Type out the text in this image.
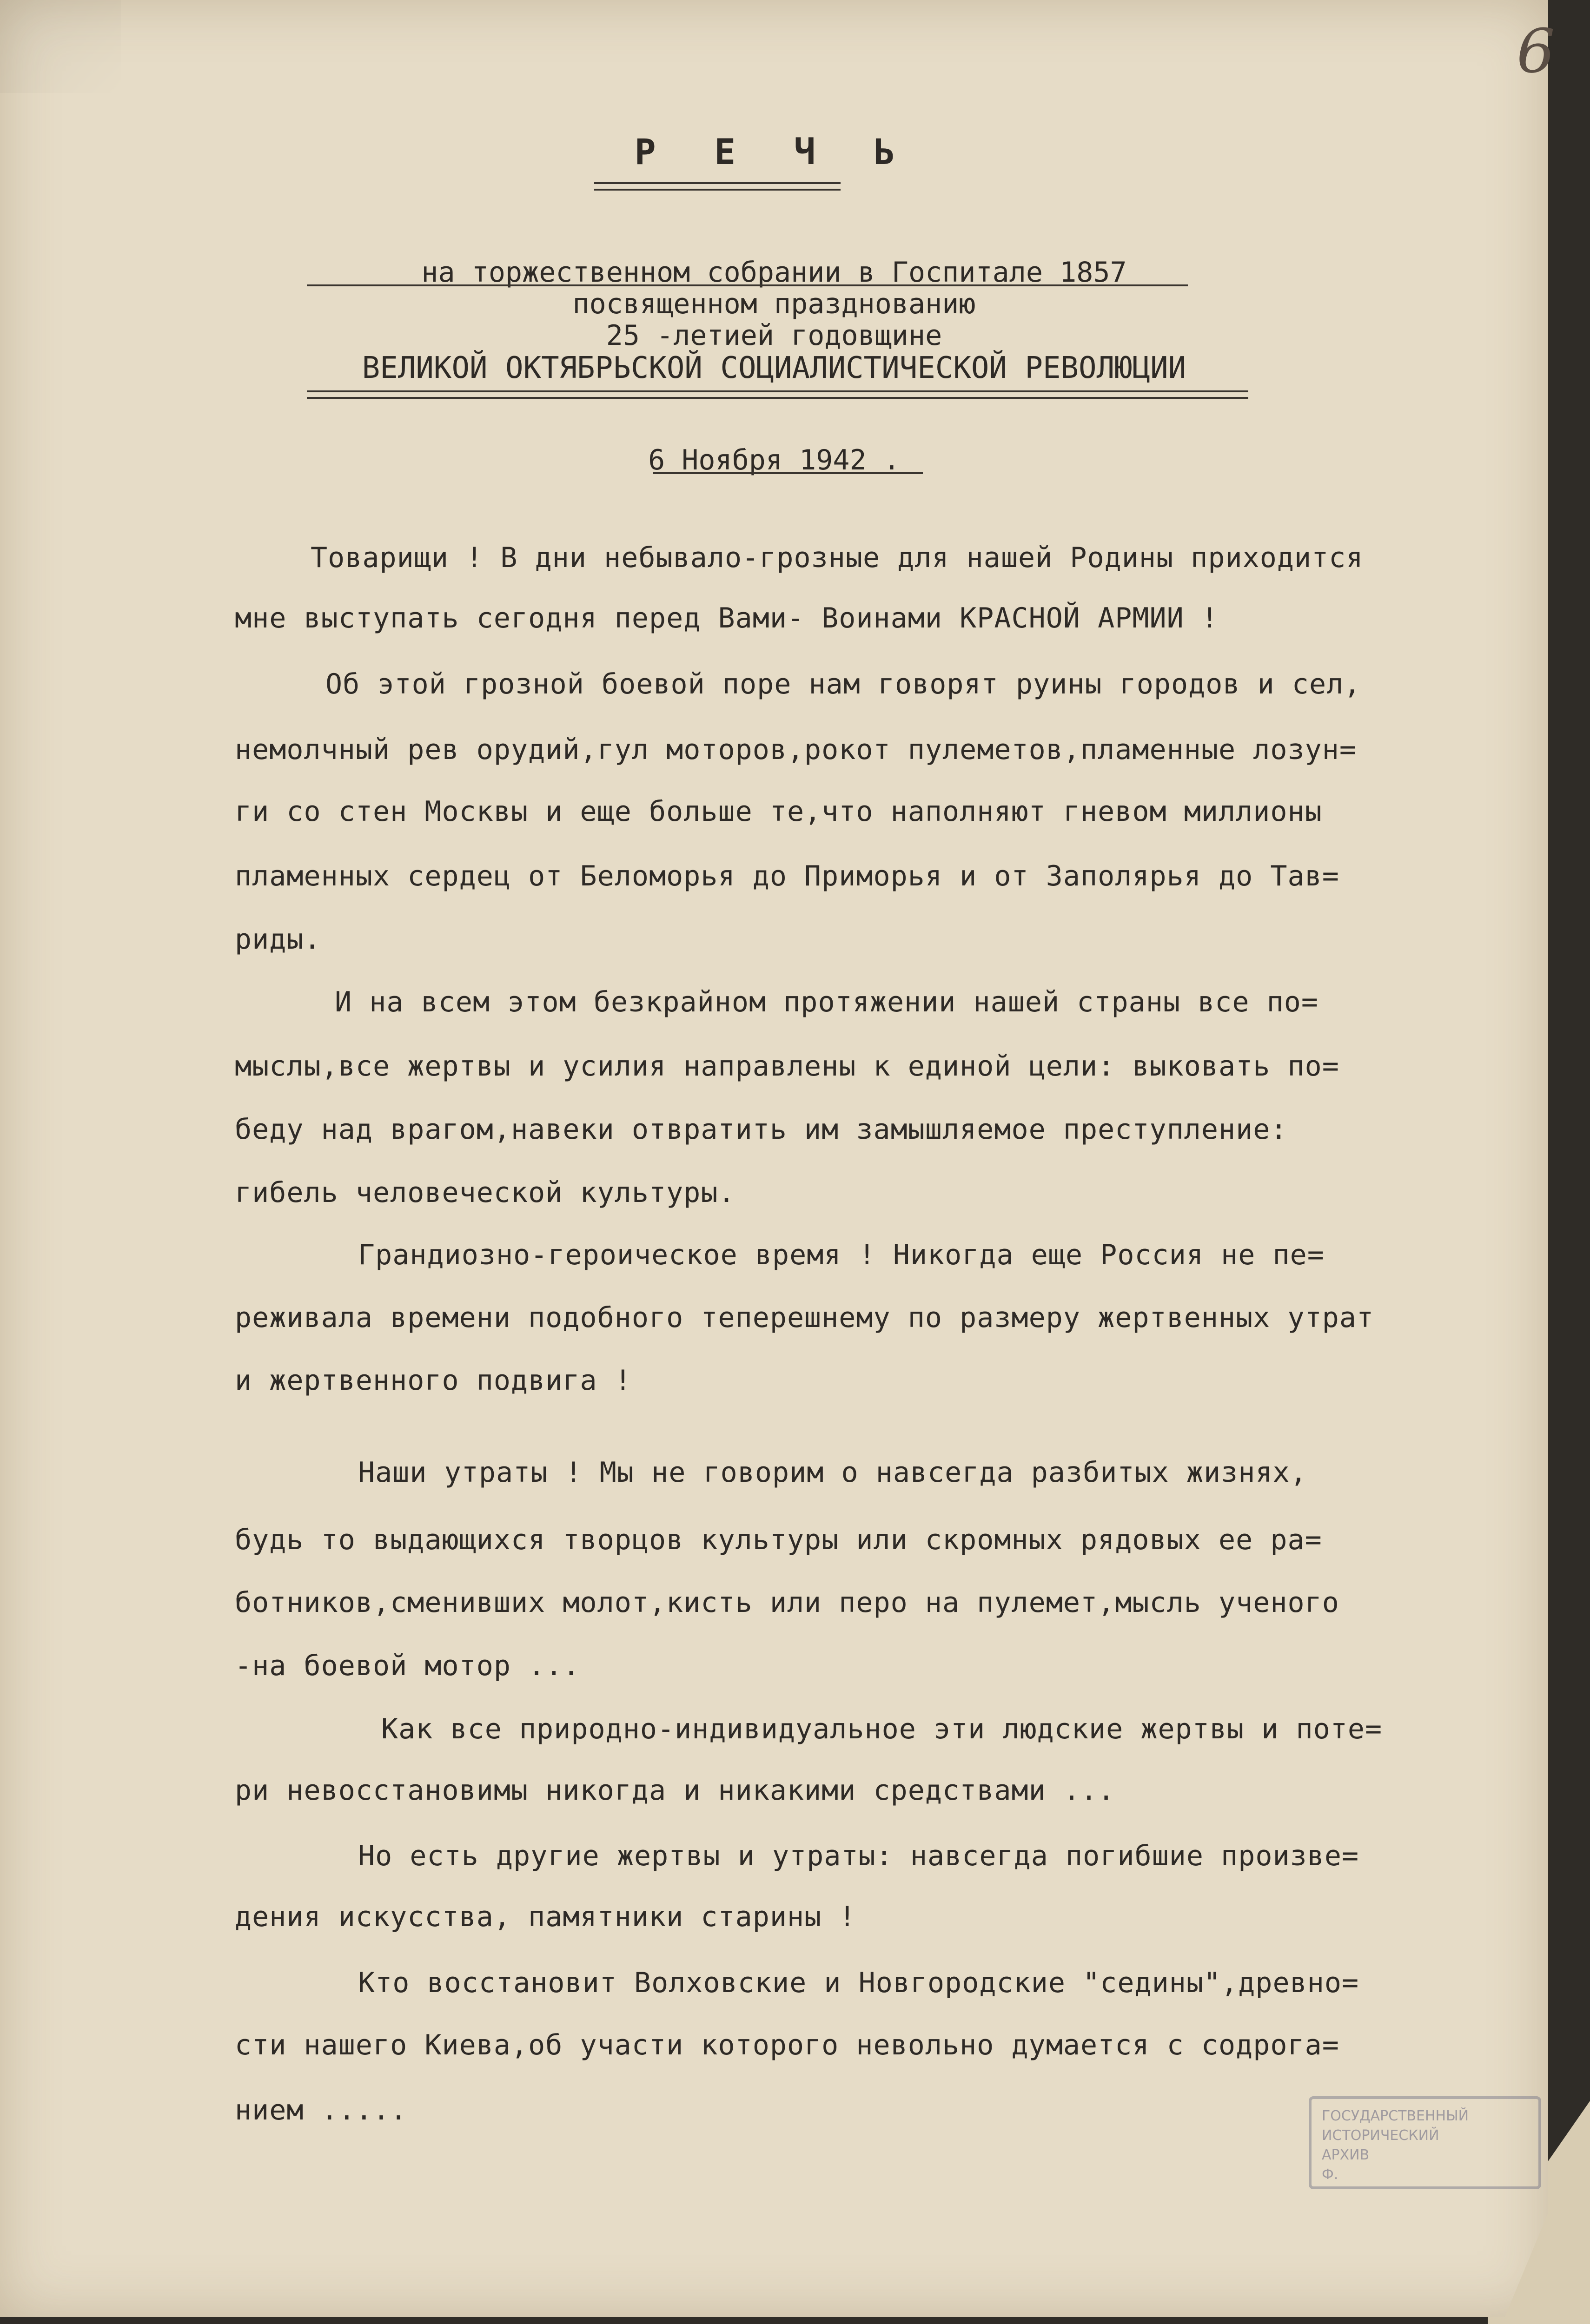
6
Р Е Ч Ь
на торжественном собрании в Госпитале 1857
посвященном празднованию
25 -летией годовщине
ВЕЛИКОЙ ОКТЯБРЬСКОЙ СОЦИАЛИСТИЧЕСКОЙ РЕВОЛЮЦИИ
6 Ноября 1942 .
Товарищи ! В дни небывало-грозные для нашей Родины приходится
мне выступать сегодня перед Вами- Воинами КРАСНОЙ АРМИИ !
Об этой грозной боевой поре нам говорят руины городов и сел,
немолчный рев орудий,гул моторов,рокот пулеметов,пламенные лозун=
ги со стен Москвы и еще больше те,что наполняют гневом миллионы
пламенных сердец от Беломорья до Приморья и от Заполярья до Тав=
риды.
И на всем этом безкрайном протяжении нашей страны все по=
мыслы,все жертвы и усилия направлены к единой цели: выковать по=
беду над врагом,навеки отвратить им замышляемое преступление:
гибель человеческой культуры.
Грандиозно-героическое время ! Никогда еще Россия не пе=
реживала времени подобного теперешнему по размеру жертвенных утрат
и жертвенного подвига !
Наши утраты ! Мы не говорим о навсегда разбитых жизнях,
будь то выдающихся творцов культуры или скромных рядовых ее ра=
ботников,сменивших молот,кисть или перо на пулемет,мысль ученого
-на боевой мотор ...
Как все природно-индивидуальное эти людские жертвы и поте=
ри невосстановимы никогда и никакими средствами ...
Но есть другие жертвы и утраты: навсегда погибшие произве=
дения искусства, памятники старины !
Кто восстановит Волховские и Новгородские "седины",древно=
сти нашего Киева,об участи которого невольно думается с содрога=
нием .....	ГОСУДАРСТВЕННЫЙ
ИСТОРИЧЕСКИЙ
АРХИВ
Ф.
